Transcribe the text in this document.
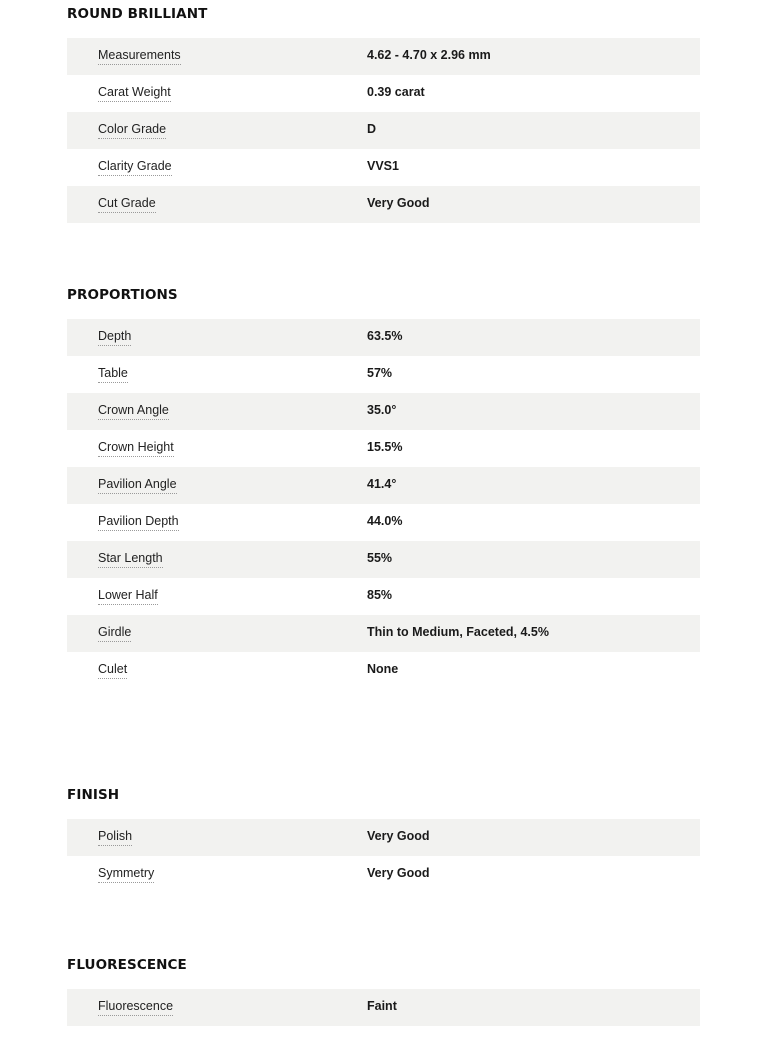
ROUND BRILLIANT
Measurements	4.62 - 4.70 x 2.96 mm
Carat Weight	0.39 carat
Color Grade	D
Clarity Grade	VVS1
Cut Grade	Very Good
PROPORTIONS
Depth	63.5%
Table	57%
Crown Angle	35.0°
Crown Height	15.5%
Pavilion Angle	41.4°
Pavilion Depth	44.0%
Star Length	55%
Lower Half	85%
Girdle	Thin to Medium, Faceted, 4.5%
Culet	None
FINISH
Polish	Very Good
Symmetry	Very Good
FLUORESCENCE
Fluorescence	Faint
